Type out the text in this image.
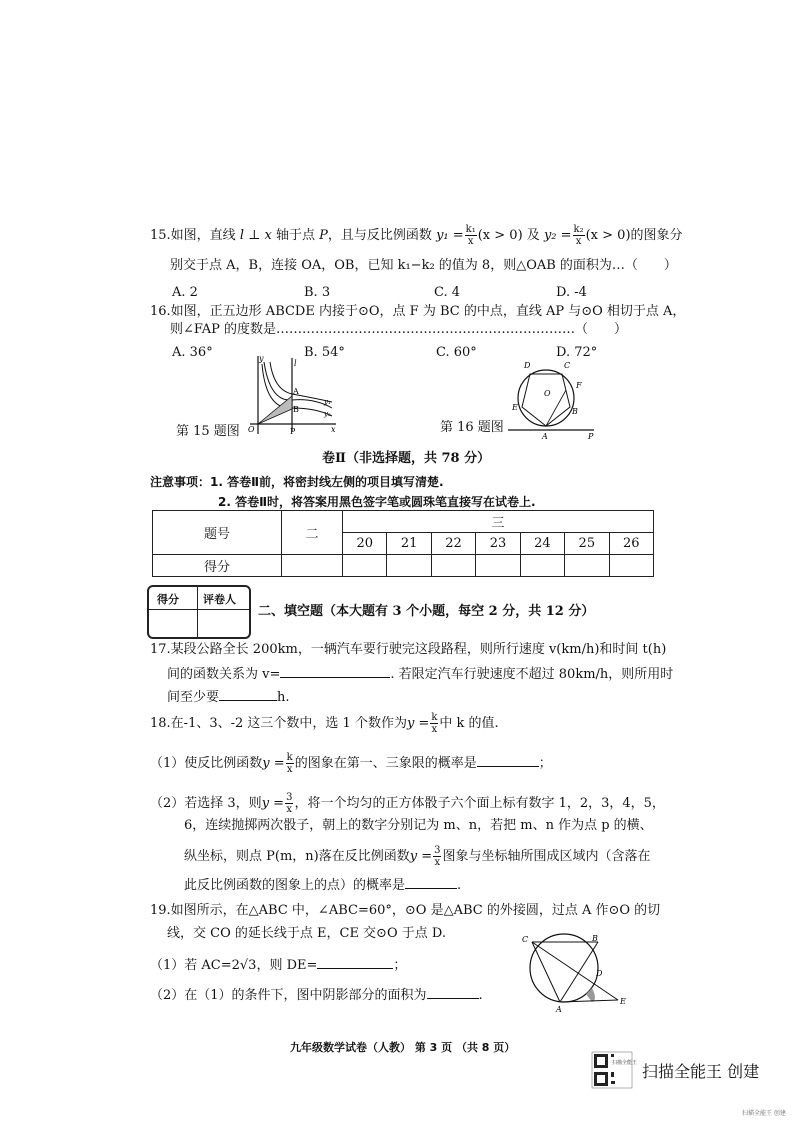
15.如图，直线 l ⊥ x 轴于点 P，且与反比例函数 $y_1 = \frac{\text{k₁}}{x} (x > 0)$ 及 $y_2 = \frac{\text{k₂}}{x} (x > 0)$的图象分
别交于点 A，B，连接 OA，OB，已知 k₁−k₂ 的值为 8，则△OAB 的面积为…（　　）
A. 2	B. 3	C. 4	D. -4
16.如图，正五边形 ABCDE 内接于⊙O，点 F 为 BC 的中点，直线 AP 与⊙O 相切于点 A，
则∠FAP 的度数是……………………………………………………………（　　）
A. 36°	B. 54°	C. 60°	D. 72°
y
l
A
B
O	P	x
y₁
y₂
第 15 题图
D	C
F
O
E	B
A	P
第 16 题图
卷Ⅱ（非选择题，共 78 分）
注意事项：1. 答卷Ⅱ前，将密封线左侧的项目填写清楚.
2. 答卷Ⅱ时，将答案用黑色签字笔或圆珠笔直接写在试卷上.
题号	二	三						
		20	21	22	23	24	25	26
得分								
得分 评卷人
二、填空题（本大题有 3 个小题，每空 2 分，共 12 分）
17.某段公路全长 200km，一辆汽车要行驶完这段路程，则所行速度 v(km/h)和时间 t(h)
间的函数关系为 v=	. 若限定汽车行驶速度不超过 80km/h，则所用时
间至少要	h.
18.在-1、3、-2 这三个数中，选 1 个数作为$y = \frac{k}{x}$ 中 k 的值.
（1）使反比例函数$y = \frac{k}{x}$ 的图象在第一、三象限的概率是	；
（2）若选择 3，则$y = \frac{3}{x}$ ，将一个均匀的正方体骰子六个面上标有数字 1，2，3，4，5，
6，连续抛掷两次骰子，朝上的数字分别记为 m、n，若把 m、n 作为点 p 的横、
纵坐标，则点 P(m，n)落在反比例函数$y = \frac{3}{x}$ 图象与坐标轴所围成区域内（含落在
此反比例函数的图象上的点）的概率是	.
19.如图所示，在△ABC 中，∠ABC=60°，⊙O 是△ABC 的外接圆，过点 A 作⊙O 的切
线，交 CO 的延长线于点 E，CE 交⊙O 于点 D.
（1）若 AC=2√3，则 DE=	；
（2）在（1）的条件下，图中阴影部分的面积为	.
C	B
D
A
E
九年级数学试卷（人教） 第 3 页 （共 8 页）
扫描全能王 扫描全能王 创建
扫描全能王 创建
